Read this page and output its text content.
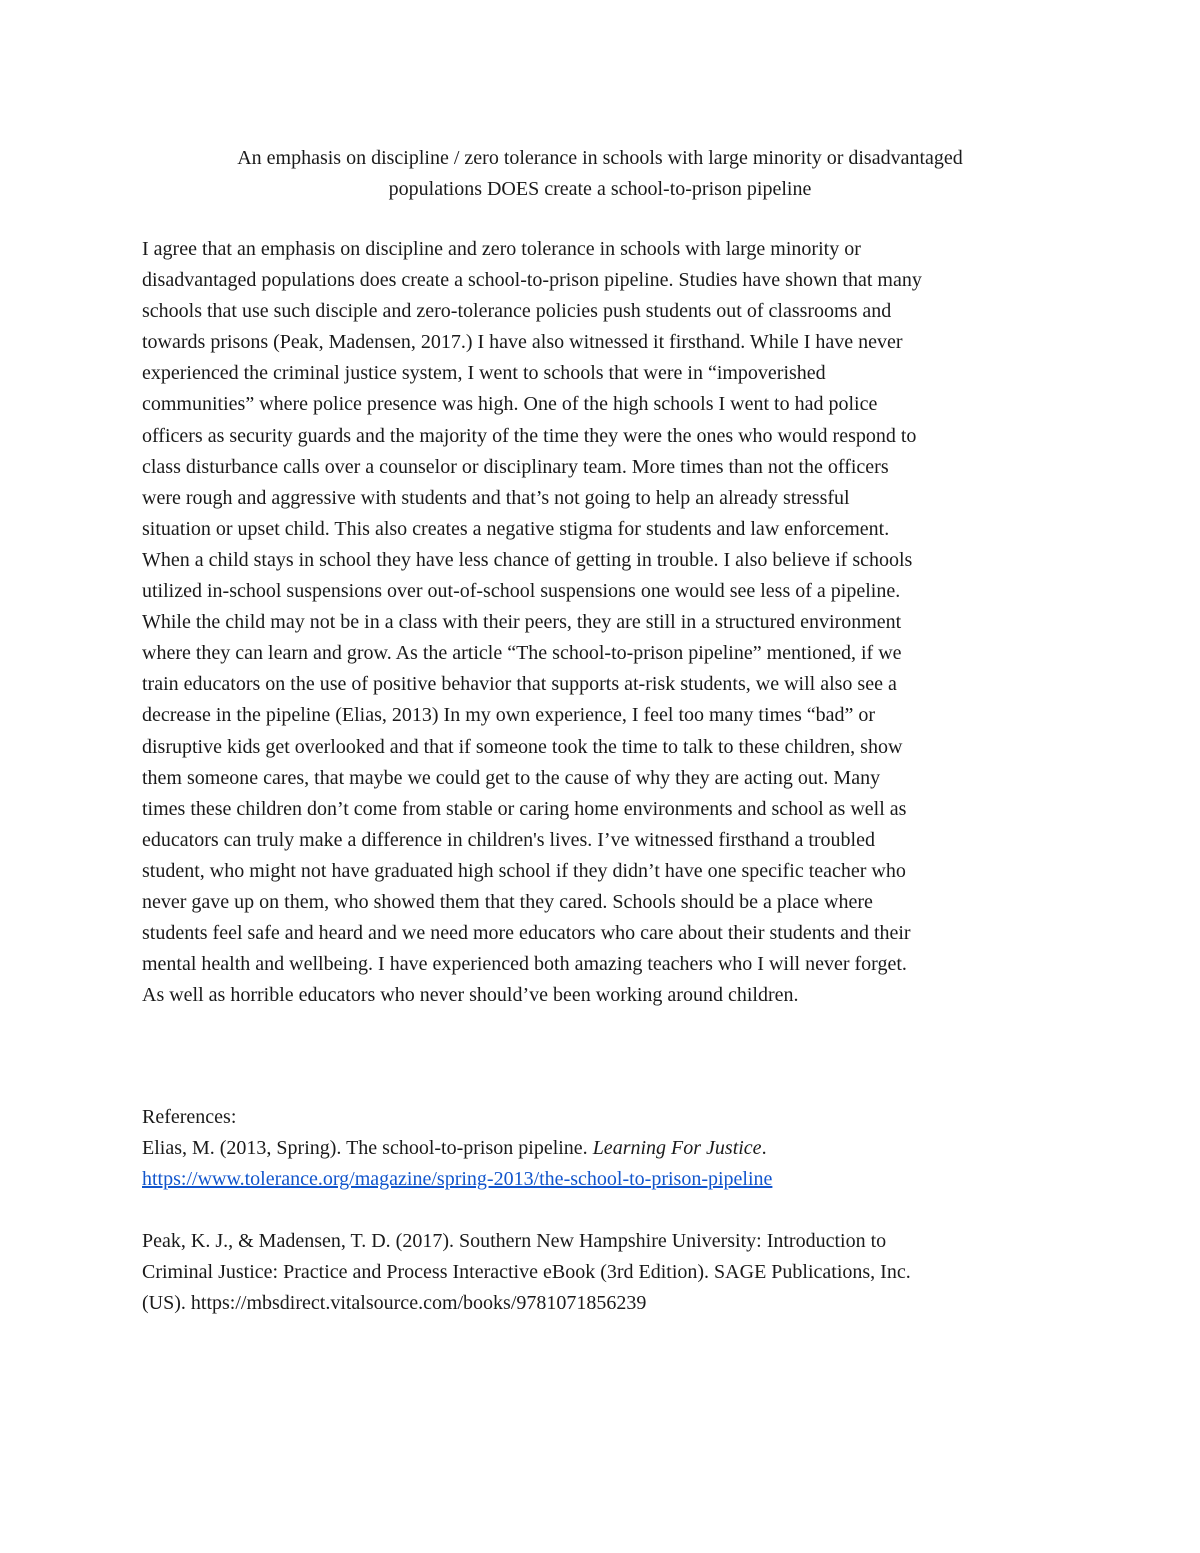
An emphasis on discipline / zero tolerance in schools with large minority or disadvantaged
populations DOES create a school-to-prison pipeline
I agree that an emphasis on discipline and zero tolerance in schools with large minority or
disadvantaged populations does create a school-to-prison pipeline. Studies have shown that many
schools that use such disciple and zero-tolerance policies push students out of classrooms and
towards prisons (Peak, Madensen, 2017.) I have also witnessed it firsthand. While I have never
experienced the criminal justice system, I went to schools that were in “impoverished
communities” where police presence was high. One of the high schools I went to had police
officers as security guards and the majority of the time they were the ones who would respond to
class disturbance calls over a counselor or disciplinary team. More times than not the officers
were rough and aggressive with students and that’s not going to help an already stressful
situation or upset child. This also creates a negative stigma for students and law enforcement.
When a child stays in school they have less chance of getting in trouble. I also believe if schools
utilized in-school suspensions over out-of-school suspensions one would see less of a pipeline.
While the child may not be in a class with their peers, they are still in a structured environment
where they can learn and grow. As the article “The school-to-prison pipeline” mentioned, if we
train educators on the use of positive behavior that supports at-risk students, we will also see a
decrease in the pipeline (Elias, 2013) In my own experience, I feel too many times “bad” or
disruptive kids get overlooked and that if someone took the time to talk to these children, show
them someone cares, that maybe we could get to the cause of why they are acting out. Many
times these children don’t come from stable or caring home environments and school as well as
educators can truly make a difference in children's lives. I’ve witnessed firsthand a troubled
student, who might not have graduated high school if they didn’t have one specific teacher who
never gave up on them, who showed them that they cared. Schools should be a place where
students feel safe and heard and we need more educators who care about their students and their
mental health and wellbeing. I have experienced both amazing teachers who I will never forget.
As well as horrible educators who never should’ve been working around children.
References:
Elias, M. (2013, Spring). The school-to-prison pipeline. Learning For Justice.
https://www.tolerance.org/magazine/spring-2013/the-school-to-prison-pipeline
Peak, K. J., & Madensen, T. D. (2017). Southern New Hampshire University: Introduction to
Criminal Justice: Practice and Process Interactive eBook (3rd Edition). SAGE Publications, Inc.
(US). https://mbsdirect.vitalsource.com/books/9781071856239
